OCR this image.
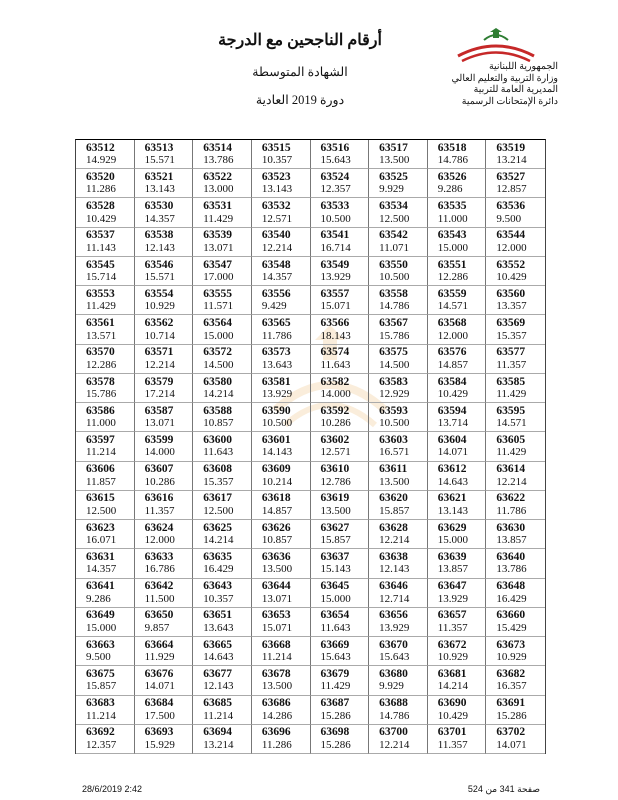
أرقام الناجحين مع الدرجة
الشهادة المتوسطة
دورة 2019 العادية
الجمهورية اللبنانية
وزارة التربية والتعليم العالي
المديرية العامة للتربية
دائرة الإمتحانات الرسمية
63512
14.929
63513
15.571
63514
13.786
63515
10.357
63516
15.643
63517
13.500
63518
14.786
63519
13.214
63520
11.286
63521
13.143
63522
13.000
63523
13.143
63524
12.357
63525
9.929
63526
9.286
63527
12.857
63528
10.429
63530
14.357
63531
11.429
63532
12.571
63533
10.500
63534
12.500
63535
11.000
63536
9.500
63537
11.143
63538
12.143
63539
13.071
63540
12.214
63541
16.714
63542
11.071
63543
15.000
63544
12.000
63545
15.714
63546
15.571
63547
17.000
63548
14.357
63549
13.929
63550
10.500
63551
12.286
63552
10.429
63553
11.429
63554
10.929
63555
11.571
63556
9.429
63557
15.071
63558
14.786
63559
14.571
63560
13.357
63561
13.571
63562
10.714
63564
15.000
63565
11.786
63566
18.143
63567
15.786
63568
12.000
63569
15.357
63570
12.286
63571
12.214
63572
14.500
63573
13.643
63574
11.643
63575
14.500
63576
14.857
63577
11.357
63578
15.786
63579
17.214
63580
14.214
63581
13.929
63582
14.000
63583
12.929
63584
10.429
63585
11.429
63586
11.000
63587
13.071
63588
10.857
63590
10.500
63592
10.286
63593
10.500
63594
13.714
63595
14.571
63597
11.214
63599
14.000
63600
11.643
63601
14.143
63602
12.571
63603
16.571
63604
14.071
63605
11.429
63606
11.857
63607
10.286
63608
15.357
63609
10.214
63610
12.786
63611
13.500
63612
14.643
63614
12.214
63615
12.500
63616
11.357
63617
12.500
63618
14.857
63619
13.500
63620
15.857
63621
13.143
63622
11.786
63623
16.071
63624
12.000
63625
14.214
63626
10.857
63627
15.857
63628
12.214
63629
15.000
63630
13.857
63631
14.357
63633
16.786
63635
16.429
63636
13.500
63637
15.143
63638
12.143
63639
13.857
63640
13.786
63641
9.286
63642
11.500
63643
10.357
63644
13.071
63645
15.000
63646
12.714
63647
13.929
63648
16.429
63649
15.000
63650
9.857
63651
13.643
63653
15.071
63654
11.643
63656
13.929
63657
11.357
63660
15.429
63663
9.500
63664
11.929
63665
14.643
63668
11.214
63669
15.643
63670
15.643
63672
10.929
63673
10.929
63675
15.857
63676
14.071
63677
12.143
63678
13.500
63679
11.429
63680
9.929
63681
14.214
63682
16.357
63683
11.214
63684
17.500
63685
11.214
63686
14.286
63687
15.286
63688
14.786
63690
10.429
63691
15.286
63692
12.357
63693
15.929
63694
13.214
63696
11.286
63698
15.286
63700
12.214
63701
11.357
63702
14.071
28/6/2019 2:42	صفحة 341 من 524
